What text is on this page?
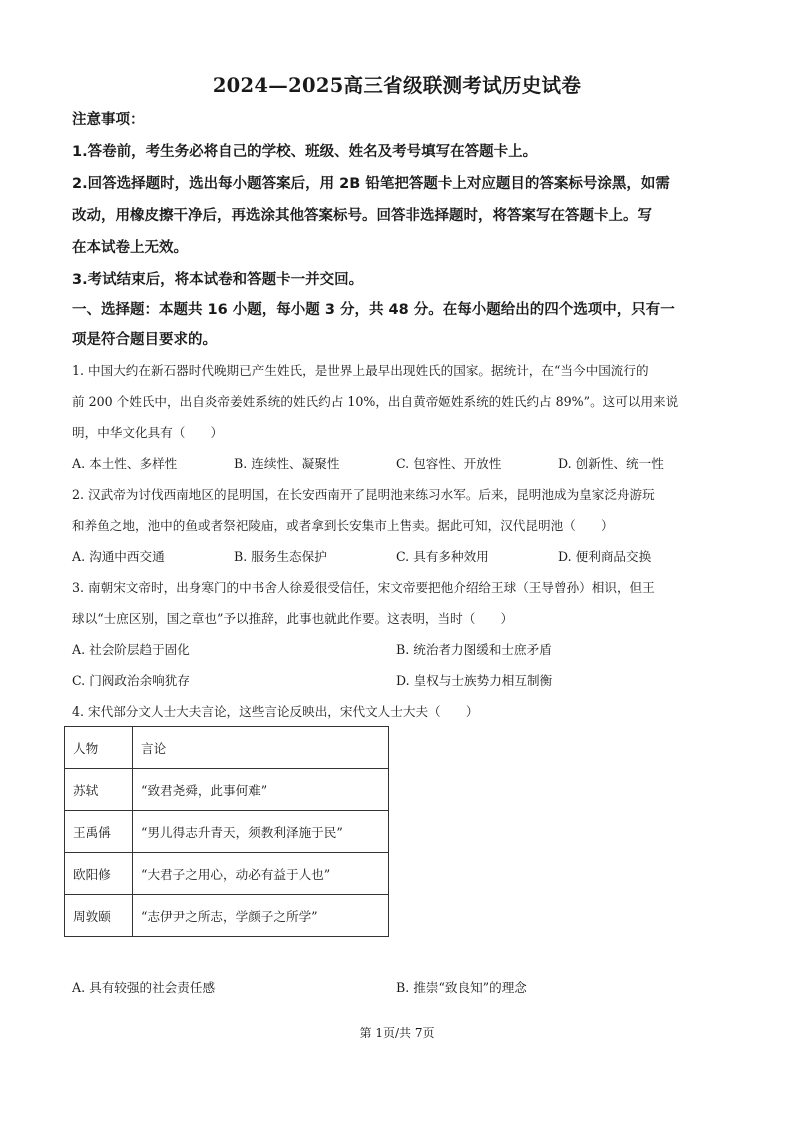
2024—2025高三省级联测考试历史试卷
注意事项：
1.答卷前，考生务必将自己的学校、班级、姓名及考号填写在答题卡上。
2.回答选择题时，选出每小题答案后，用 2B 铅笔把答题卡上对应题目的答案标号涂黑，如需
改动，用橡皮擦干净后，再选涂其他答案标号。回答非选择题时，将答案写在答题卡上。写
在本试卷上无效。
3.考试结束后，将本试卷和答题卡一并交回。
一、选择题：本题共 16 小题，每小题 3 分，共 48 分。在每小题给出的四个选项中，只有一
项是符合题目要求的。
1. 中国大约在新石器时代晚期已产生姓氏，是世界上最早出现姓氏的国家。据统计，在“当今中国流行的
前 200 个姓氏中，出自炎帝姜姓系统的姓氏约占 10%，出自黄帝姬姓系统的姓氏约占 89%”。这可以用来说
明，中华文化具有（　　）
A. 本土性、多样性	B. 连续性、凝聚性	C. 包容性、开放性	D. 创新性、统一性
2. 汉武帝为讨伐西南地区的昆明国，在长安西南开了昆明池来练习水军。后来，昆明池成为皇家泛舟游玩
和养鱼之地，池中的鱼或者祭祀陵庙，或者拿到长安集市上售卖。据此可知，汉代昆明池（　　）
A. 沟通中西交通	B. 服务生态保护	C. 具有多种效用	D. 便利商品交换
3. 南朝宋文帝时，出身寒门的中书舍人徐爰很受信任，宋文帝要把他介绍给王球（王导曾孙）相识，但王
球以“士庶区别，国之章也”予以推辞，此事也就此作要。这表明，当时（　　）
A. 社会阶层趋于固化	B. 统治者力图缓和士庶矛盾
C. 门阀政治余响犹存	D. 皇权与士族势力相互制衡
4. 宋代部分文人士大夫言论，这些言论反映出，宋代文人士大夫（　　）
人物	言论
苏轼	“致君尧舜，此事何难”
王禹偁	“男儿得志升青天，须教利泽施于民”
欧阳修	“大君子之用心，动必有益于人也”
周敦颐	“志伊尹之所志，学颜子之所学”
A. 具有较强的社会责任感	B. 推崇“致良知”的理念
第 1页/共 7页
